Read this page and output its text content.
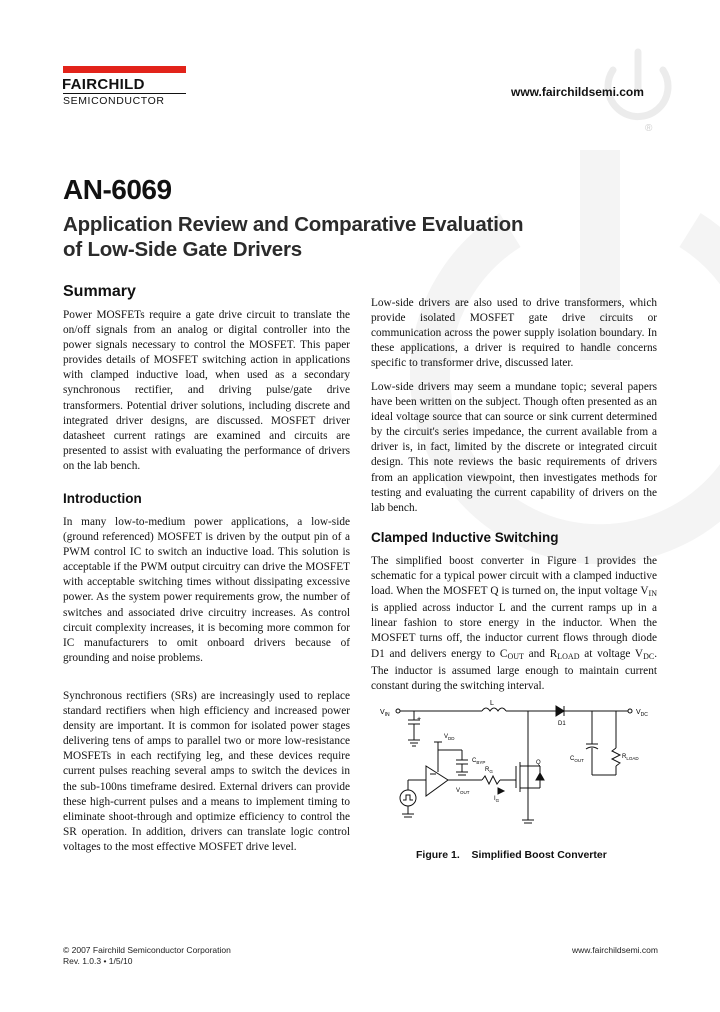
®
FAIRCHILD
SEMICONDUCTOR
www.fairchildsemi.com
AN-6069
Application Review and Comparative Evaluation
of Low-Side Gate Drivers
Summary
Power MOSFETs require a gate drive circuit to translate the on/off signals from an analog or digital controller into the power signals necessary to control the MOSFET. This paper provides details of MOSFET switching action in applications with clamped inductive load, when used as a secondary synchronous rectifier, and driving pulse/gate drive transformers. Potential driver solutions, including discrete and integrated driver designs, are discussed. MOSFET driver datasheet current ratings are examined and circuits are presented to assist with evaluating the performance of drivers on the lab bench.
Introduction
In many low-to-medium power applications, a low-side (ground referenced) MOSFET is driven by the output pin of a PWM control IC to switch an inductive load. This solution is acceptable if the PWM output circuitry can drive the MOSFET with acceptable switching times without dissipating excessive power. As the system power requirements grow, the number of switches and associated drive circuitry increases. As control circuit complexity increases, it is becoming more common for IC manufacturers to omit onboard drivers because of grounding and noise problems.
Synchronous rectifiers (SRs) are increasingly used to replace standard rectifiers when high efficiency and increased power density are important. It is common for isolated power stages delivering tens of amps to parallel two or more low-resistance MOSFETs in each rectifying leg, and these devices require current pulses reaching several amps to switch the devices in the sub-100ns timeframe desired. External drivers can provide these high-current pulses and a means to implement timing to eliminate shoot-through and optimize efficiency to control the SR operation. In addition, drivers can translate logic control voltages to the most effective MOSFET drive level.
Low-side drivers are also used to drive transformers, which provide isolated MOSFET gate drive circuits or communication across the power supply isolation boundary. In these applications, a driver is required to handle concerns specific to transformer drive, discussed later.
Low-side drivers may seem a mundane topic; several papers have been written on the subject. Though often presented as an ideal voltage source that can source or sink current determined by the circuit's series impedance, the current available from a driver is, in fact, limited by the discrete or integrated circuit design. This note reviews the basic requirements of drivers from an application viewpoint, then investigates methods for testing and evaluating the current capability of drivers on the lab bench.
Clamped Inductive Switching
The simplified boost converter in Figure 1 provides the schematic for a typical power circuit with a clamped inductive load. When the MOSFET Q is turned on, the input voltage $V_{IN}$ is applied across inductor L and the current ramps up in a linear fashion to store energy in the inductor. When the MOSFET turns off, the inductor current flows through diode D1 and delivers energy to $C_{OUT}$ and $R_{LOAD}$ at voltage $V_{DC}$. The inductor is assumed large enough to maintain current constant during the switching interval.
$V_{IN}$	$V_{DC}$
L
D1
$V_{DD}$
$C_{BYP}$
$R_G$
$I_G$
Q
$C_{OUT}$
$R_{LOAD}$
$V_{OUT}$
+
Figure 1. Simplified Boost Converter
© 2007 Fairchild Semiconductor Corporation
Rev. 1.0.3 • 1/5/10
www.fairchildsemi.com
